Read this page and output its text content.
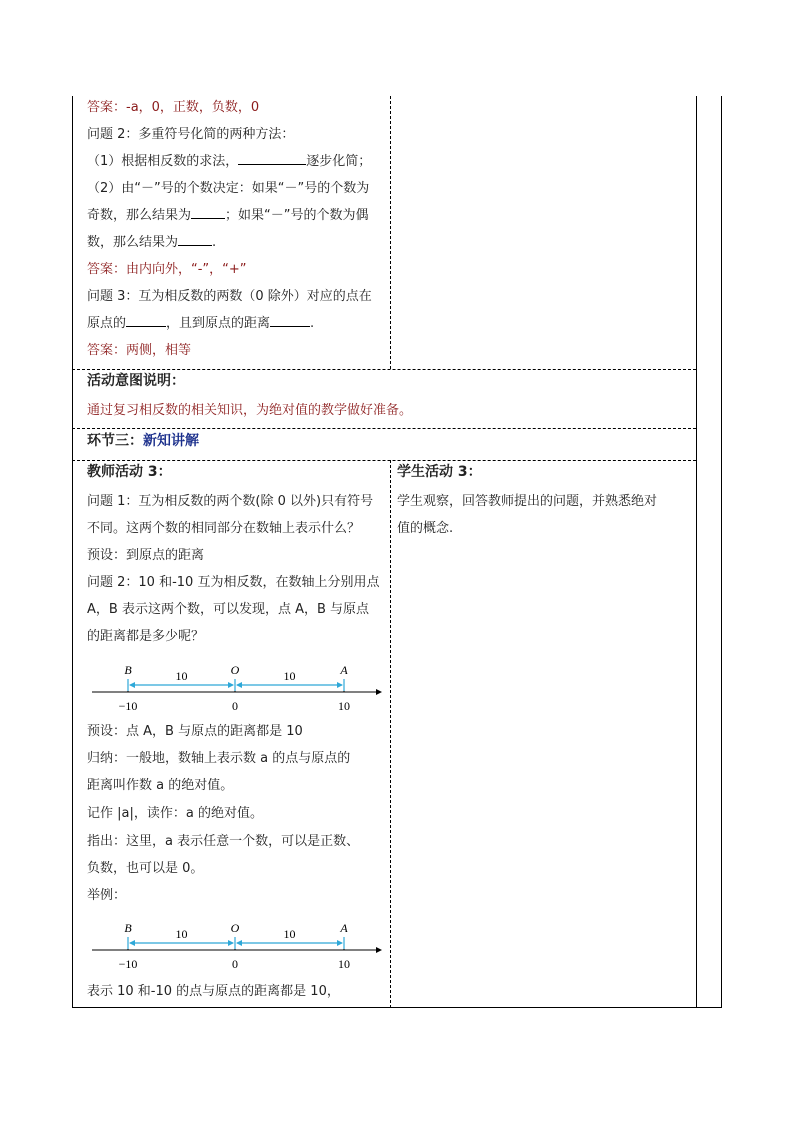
答案：-a，0，正数，负数，0
问题 2：多重符号化简的两种方法：
（1）根据相反数的求法，	逐步化简；
（2）由“－”号的个数决定：如果“－”号的个数为
奇数，那么结果为	；如果“－”号的个数为偶
数，那么结果为	.
答案：由内向外，“-”，“+”
问题 3：互为相反数的两数（0 除外）对应的点在
原点的	，且到原点的距离	.
答案：两侧，相等
活动意图说明：
通过复习相反数的相关知识，为绝对值的教学做好准备。
环节三：新知讲解
教师活动 3：
问题 1：互为相反数的两个数(除 0 以外)只有符号
不同。这两个数的相同部分在数轴上表示什么？
预设：到原点的距离
问题 2：10 和-10 互为相反数，在数轴上分别用点
A，B 表示这两个数，可以发现，点 A，B 与原点
的距离都是多少呢？
B	O	A
10	10
−10	0	10
预设：点 A，B 与原点的距离都是 10
归纳：一般地，数轴上表示数 a 的点与原点的
距离叫作数 a 的绝对值。
记作 |a|，读作：a 的绝对值。
指出：这里，a 表示任意一个数，可以是正数、
负数，也可以是 0。
举例：
B	O	A
10	10
−10	0	10
表示 10 和-10 的点与原点的距离都是 10，
学生活动 3：
学生观察，回答教师提出的问题，并熟悉绝对
值的概念.
